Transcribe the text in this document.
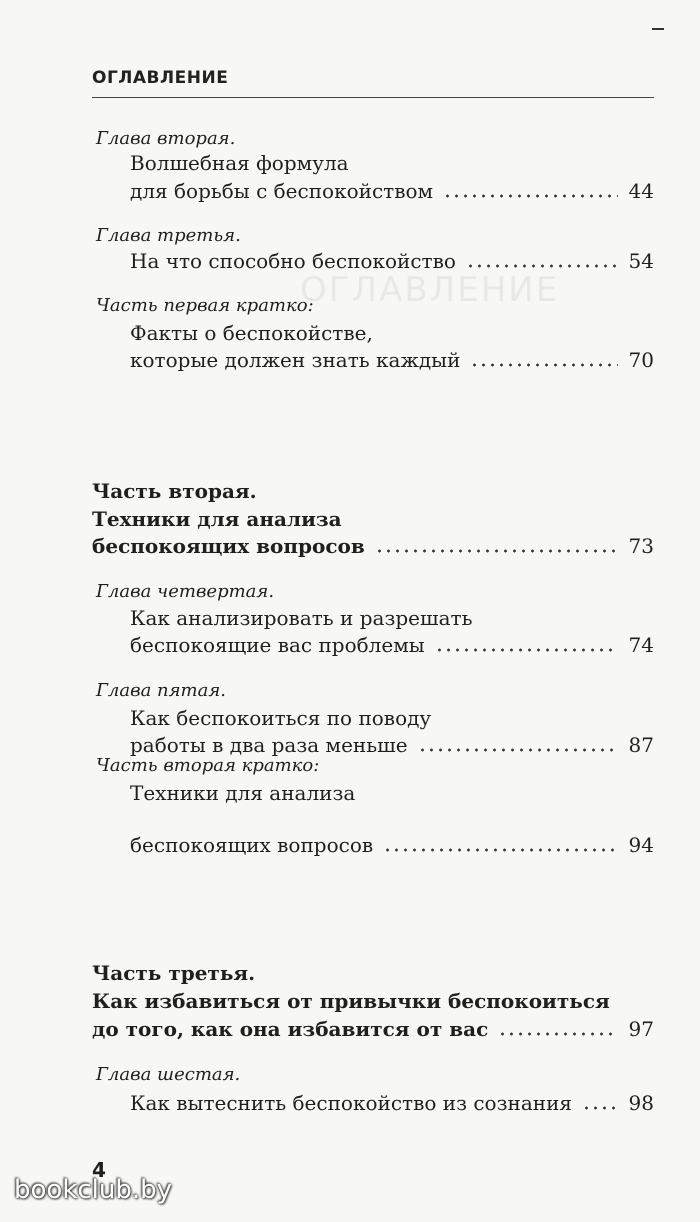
ОГЛАВЛЕНИЕ
ОГЛАВЛЕНИЕ
Глава вторая.
Волшебная формула
для борьбы с беспокойством	44
Глава третья.
На что способно беспокойство	54
Часть первая кратко:
Факты о беспокойстве,
которые должен знать каждый	70
Часть вторая.
Техники для анализа
беспокоящих вопросов	73
Глава четвертая.
Как анализировать и разрешать
беспокоящие вас проблемы	74
Глава пятая.
Как беспокоиться по поводу
работы в два раза меньше	87
Часть вторая кратко:
Техники для анализа
беспокоящих вопросов	94
Часть третья.
Как избавиться от привычки беспокоиться
до того, как она избавится от вас	97
Глава шестая.
Как вытеснить беспокойство из сознания	98
4
bookclub.by
